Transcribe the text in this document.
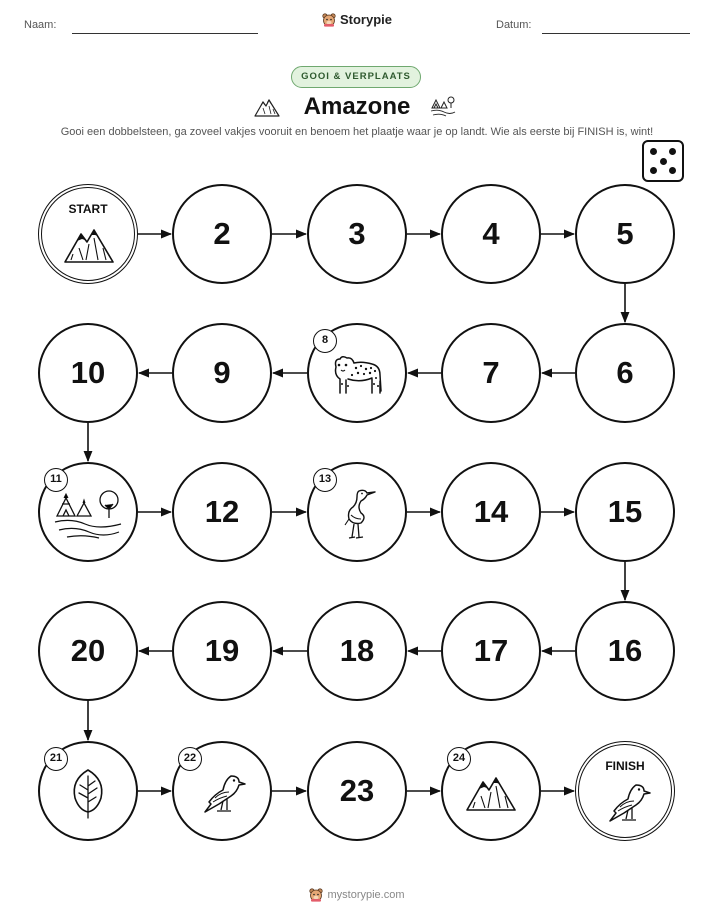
Naam:	Datum:
Storypie
GOOI & VERPLAATS
Amazone
Gooi een dobbelsteen, ga zoveel vakjes vooruit en benoem het plaatje waar je op landt. Wie als eerste bij FINISH is, wint!
START
2	3	4	5
6
7
8
9
10
11
12
13
14	15
16
17
18
19
20
21	22
23
24
FINISH
mystorypie.com
